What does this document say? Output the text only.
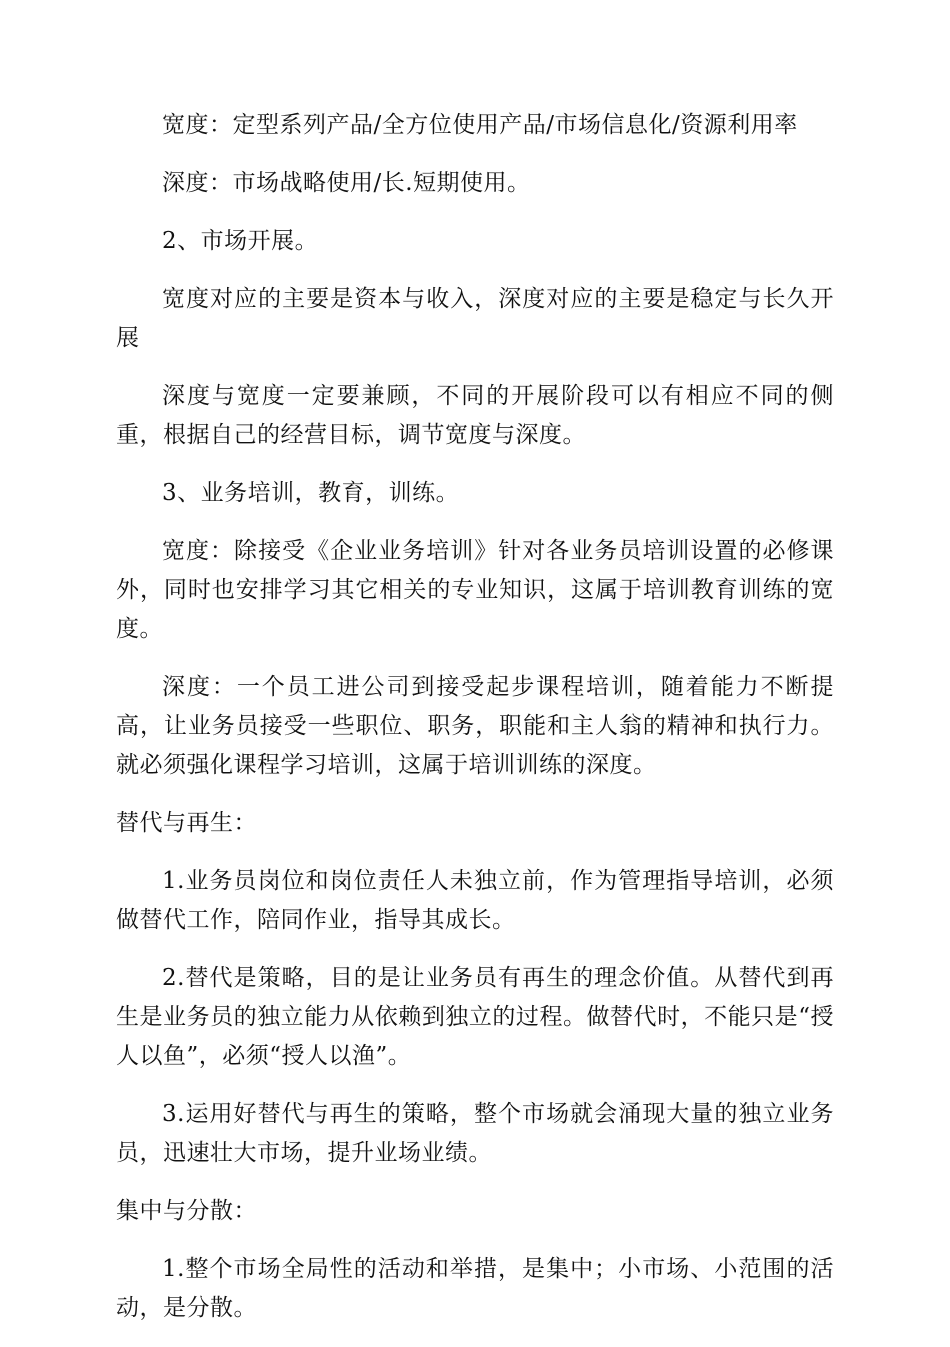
宽度：定型系列产品/全方位使用产品/市场信息化/资源利用率

深度：市场战略使用/长.短期使用。

2、市场开展。

宽度对应的主要是资本与收入，深度对应的主要是稳定与长久开展

深度与宽度一定要兼顾，不同的开展阶段可以有相应不同的侧重，根据自己的经营目标，调节宽度与深度。

3、业务培训，教育，训练。

宽度：除接受《企业业务培训》针对各业务员培训设置的必修课外，同时也安排学习其它相关的专业知识，这属于培训教育训练的宽度。

深度：一个员工进公司到接受起步课程培训，随着能力不断提高，让业务员接受一些职位、职务，职能和主人翁的精神和执行力。就必须强化课程学习培训，这属于培训训练的深度。

替代与再生：

1.业务员岗位和岗位责任人未独立前，作为管理指导培训，必须做替代工作，陪同作业，指导其成长。

2.替代是策略，目的是让业务员有再生的理念价值。从替代到再生是业务员的独立能力从依赖到独立的过程。做替代时，不能只是“授人以鱼”，必须“授人以渔”。

3.运用好替代与再生的策略，整个市场就会涌现大量的独立业务员，迅速壮大市场，提升业场业绩。

集中与分散：

1.整个市场全局性的活动和举措，是集中；小市场、小范围的活动，是分散。
